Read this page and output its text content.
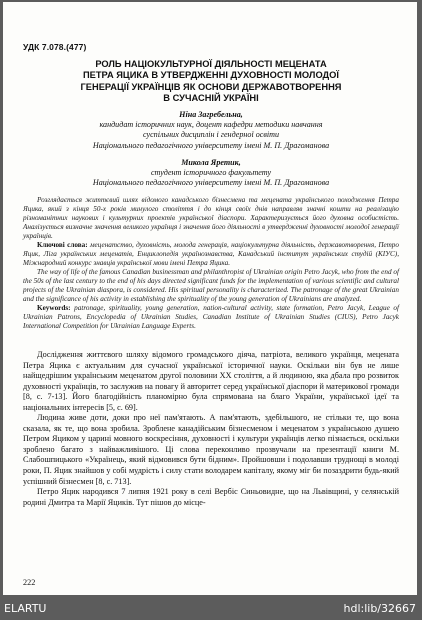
УДК 7.078.(477)
РОЛЬ НАЦІОКУЛЬТУРНОЇ ДІЯЛЬНОСТІ МЕЦЕНАТА
ПЕТРА ЯЦИКА В УТВЕРДЖЕННІ ДУХОВНОСТІ МОЛОДОЇ
ГЕНЕРАЦІЇ УКРАЇНЦІВ ЯК ОСНОВИ ДЕРЖАВОТВОРЕННЯ
В СУЧАСНІЙ УКРАЇНІ
Ніна Загребельна,
кандидат історичних наук, доцент кафедри методики навчання
суспільних дисциплін і гендерної освіти
Національного педагогічного університету імені М. П. Драгоманова
Микола Яретик,
студент історичного факультету
Національного педагогічного університету імені М. П. Драгоманова

Розглядається життєвий шлях відомого канадського бізнесмена та мецената українського походження Петра Яцика, який з кінця 50-х років минулого століття і до кінця своїх днів направляв значні кошти на реалізацію різноманітних наукових і культурних проектів української діаспори. Характеризується його духовна особистість. Аналізується визначне значення великого українця і значення його діяльності в утвердженні духовності молодої генерації українців.

Ключові слова: меценатство, духовність, молода генерація, націокультурна діяльність, державотворення, Петро Яцик, Ліга українських меценатів, Енциклопедія українознавства, Канадський інститут українських студій (КІУС), Міжнародний конкурс знавців української мови імені Петра Яцика.

The way of life of the famous Canadian businessman and philanthropist of Ukrainian origin Petro Jacyk, who from the end of the 50s of the last century to the end of his days directed significant funds for the implementation of various scientific and cultural projects of the Ukrainian diaspora, is considered. His spiritual personality is characterized. The patronage of the great Ukrainian and the significance of his activity in establishing the spirituality of the young generation of Ukrainians are analyzed.

Keywords: patronage, spirituality, young generation, nation-cultural activity, state formation, Petro Jacyk, League of Ukrainian Patrons, Encyclopedia of Ukrainian Studies, Canadian Institute of Ukrainian Studies (CIUS), Petro Jacyk International Competition for Ukrainian Language Experts.

Дослідження життєвого шляху відомого громадського діяча, патріота, великого українця, мецената Петра Яцика є актуальним для сучасної української історичної науки. Оскільки він був не лише найщедрішим українським меценатом другої половини ХХ століття, а й людиною, яка дбала про розвиток духовності українців, то заслужив на повагу й авторитет серед української діаспори й материкової громади [8, с. 7-13]. Його благодійність планомірно була спрямована на благо України, української ідеї та національних інтересів [5, с. 69].

Людина живе доти, доки про неї пам'ятають. А пам'ятають, здебільшого, не стільки те, що вона сказала, як те, що вона зробила. Зроблене канадійським бізнесменом і меценатом з українською душею Петром Яциком у царині мовного воскресіння, духовності і культури українців легко пізнається, оскільки зроблено багато з найважливішого. Ці слова переконливо прозвучали на презентації книги М. Слабошпицького «Українець, який відмовився бути бідним». Пройшовши і подолавши труднощі в молоді роки, П. Яцик знайшов у собі мудрість і силу стати володарем капіталу, якому міг би позаздрити будь-який успішний бізнесмен [8, с. 713].

Петро Яцик народився 7 липня 1921 року в селі Вербіс Синьовидне, що на Львівщині, у селянській родині Дмитра та Марії Яциків. Тут пішов до місце-

222
ELARTU	hdl:lib/32667
